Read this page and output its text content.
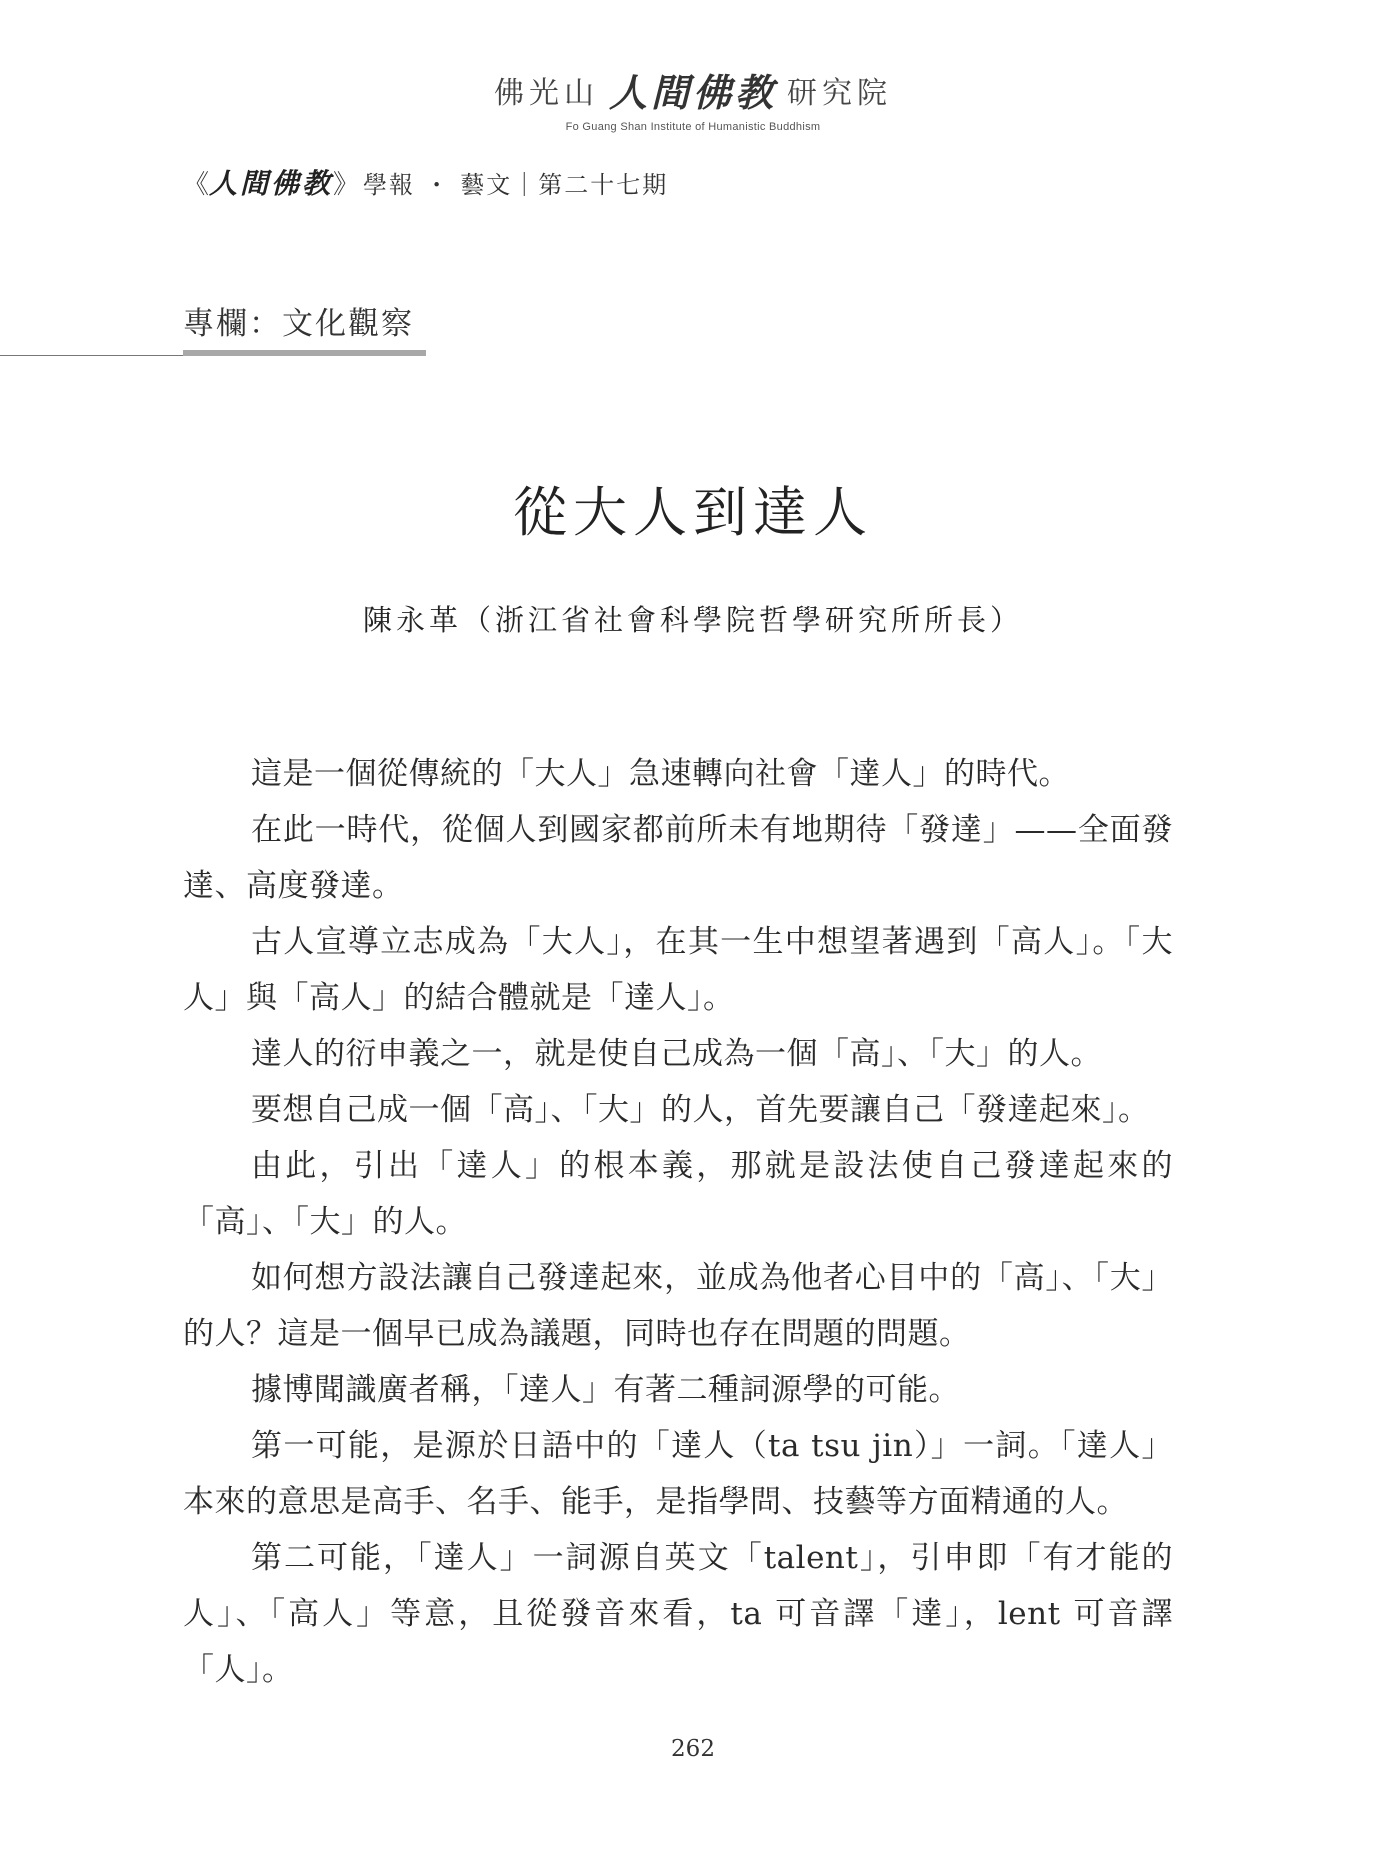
佛光山 人間佛教 研究院
Fo Guang Shan Institute of Humanistic Buddhism
《 人間佛教 》 學報 ・ 藝文｜第二十七期
專欄：文化觀察
從大人到達人
陳永革（浙江省社會科學院哲學研究所所長）

這是一個從傳統的「大人」急速轉向社會「達人」的時代。

在此一時代，從個人到國家都前所未有地期待「發達」——全面發達、高度發達。

古人宣導立志成為「大人」，在其一生中想望著遇到「高人」。「大人」與「高人」的結合體就是「達人」。

達人的衍申義之一，就是使自己成為一個「高」、「大」的人。

要想自己成一個「高」、「大」的人，首先要讓自己「發達起來」。

由此，引出「達人」的根本義，那就是設法使自己發達起來的「高」、「大」的人。

如何想方設法讓自己發達起來，並成為他者心目中的「高」、「大」的人？這是一個早已成為議題，同時也存在問題的問題。

據博聞識廣者稱，「達人」有著二種詞源學的可能。

第一可能，是源於日語中的「達人（ta tsu jin）」一詞。「達人」本來的意思是高手、名手、能手，是指學問、技藝等方面精通的人。

第二可能，「達人」一詞源自英文「talent」，引申即「有才能的人」、「高人」等意，且從發音來看，ta 可音譯「達」，lent 可音譯「人」。

262
